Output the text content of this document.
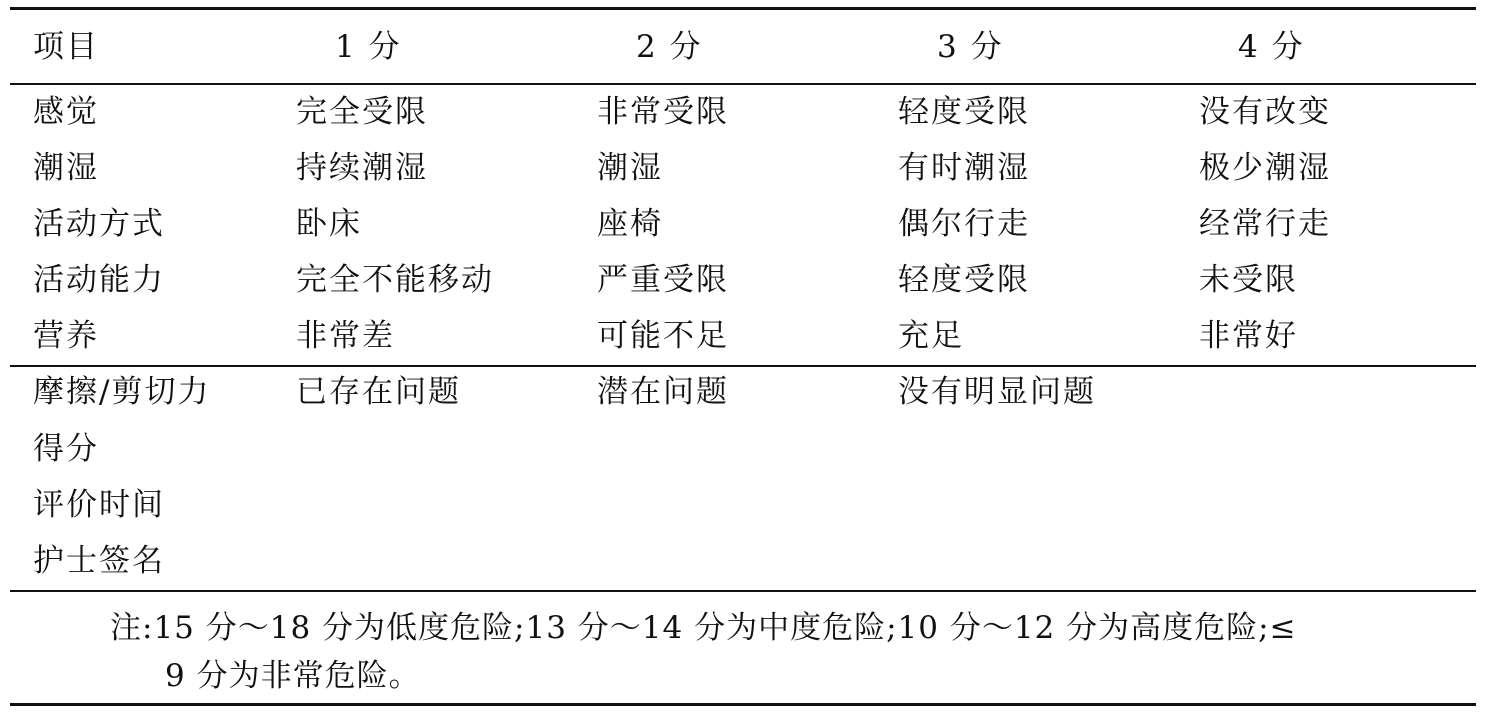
项目	1 分	2 分	3 分	4 分
感觉	完全受限	非常受限	轻度受限	没有改变
潮湿	持续潮湿	潮湿	有时潮湿	极少潮湿
活动方式	卧床	座椅	偶尔行走	经常行走
活动能力	完全不能移动	严重受限	轻度受限	未受限
营养	非常差	可能不足	充足	非常好
摩擦/剪切力	已存在问题	潜在问题	没有明显问题
得分
评价时间
护士签名
注:15 分～18 分为低度危险;13 分～14 分为中度危险;10 分～12 分为高度危险;≤
9 分为非常危险。
